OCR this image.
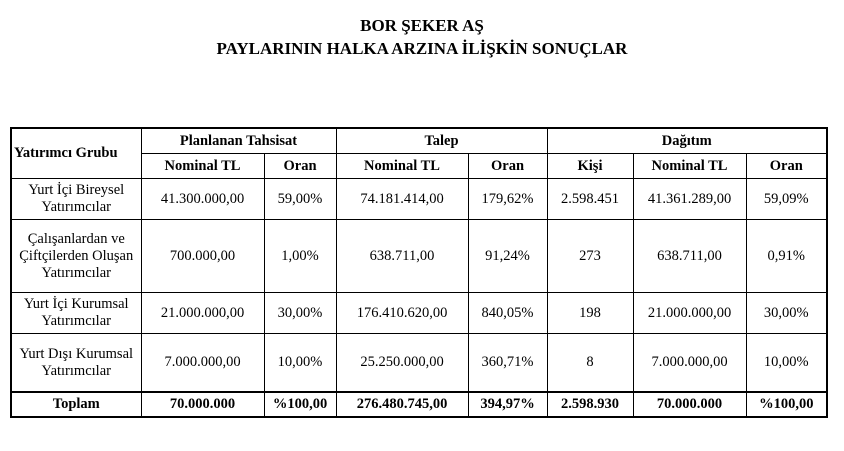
BOR ŞEKER AŞ
PAYLARININ HALKA ARZINA İLİŞKİN SONUÇLAR
Yatırımcı Grubu	Planlanan Tahsisat		Talep		Dağıtım		
	Nominal TL	Oran	Nominal TL	Oran	Kişi	Nominal TL	Oran
Yurt İçi Bireysel Yatırımcılar	41.300.000,00	59,00%	74.181.414,00	179,62%	2.598.451	41.361.289,00	59,09%
Çalışanlardan ve Çiftçilerden Oluşan Yatırımcılar	700.000,00	1,00%	638.711,00	91,24%	273	638.711,00	0,91%
Yurt İçi Kurumsal Yatırımcılar	21.000.000,00	30,00%	176.410.620,00	840,05%	198	21.000.000,00	30,00%
Yurt Dışı Kurumsal Yatırımcılar	7.000.000,00	10,00%	25.250.000,00	360,71%	8	7.000.000,00	10,00%
Toplam	70.000.000	%100,00	276.480.745,00	394,97%	2.598.930	70.000.000	%100,00
